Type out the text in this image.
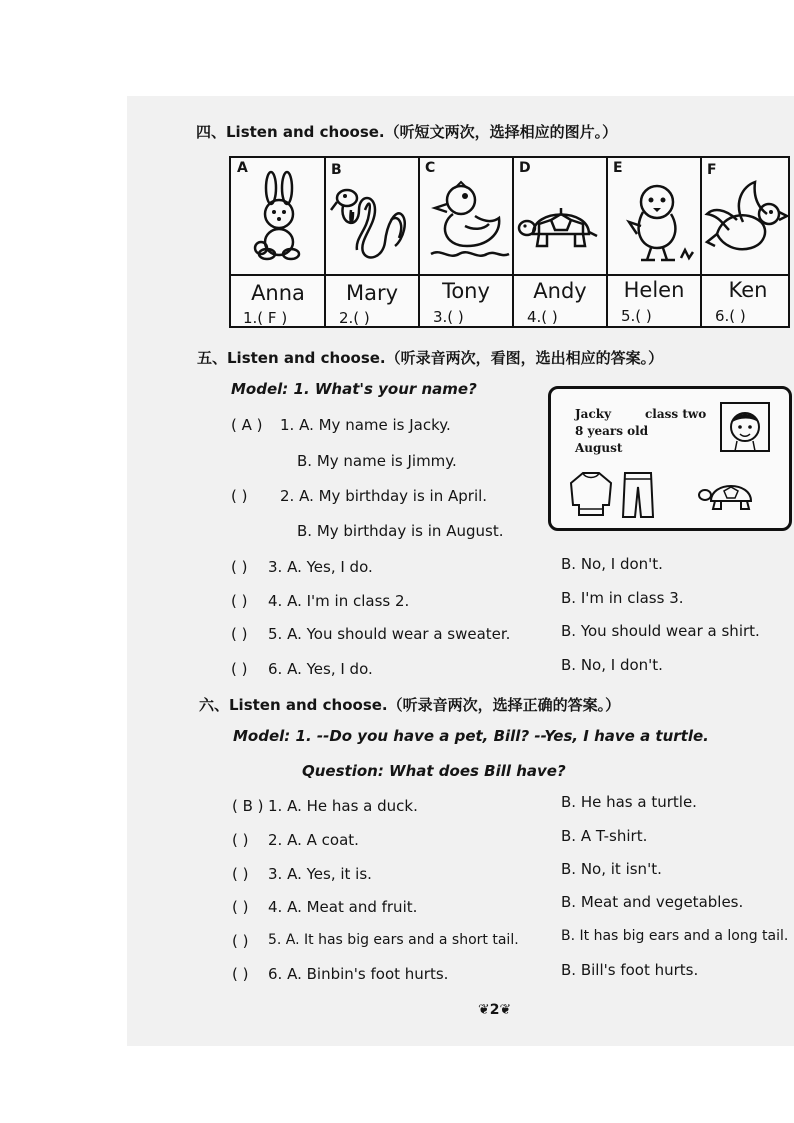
四、Listen and choose.（听短文两次，选择相应的图片。）
A	B	C	D	E	F
Anna	Mary	Tony	Andy	Helen	Ken
1.( F )	2.( )	3.( )	4.( )	5.( )	6.( )
五、Listen and choose.（听录音两次，看图，选出相应的答案。）
Model: 1. What's your name?
( A ) 1. A. My name is Jacky.
B. My name is Jimmy.
( ) 2. A. My birthday is in April.
B. My birthday is in August.
( ) 3. A. Yes, I do.	B. No, I don't.
( ) 4. A. I'm in class 2.	B. I'm in class 3.
( ) 5. A. You should wear a sweater.	B. You should wear a shirt.
( ) 6. A. Yes, I do.	B. No, I don't.
Jacky	class two
8 years old
August
六、Listen and choose.（听录音两次，选择正确的答案。）
Model: 1. --Do you have a pet, Bill? --Yes, I have a turtle.
Question: What does Bill have?
( B ) 1. A. He has a duck.	B. He has a turtle.
( ) 2. A. A coat.	B. A T-shirt.
( ) 3. A. Yes, it is.	B. No, it isn't.
( ) 4. A. Meat and fruit.	B. Meat and vegetables.
( ) 5. A. It has big ears and a short tail.	B. It has big ears and a long tail.
( ) 6. A. Binbin's foot hurts.	B. Bill's foot hurts.
❦2❦
